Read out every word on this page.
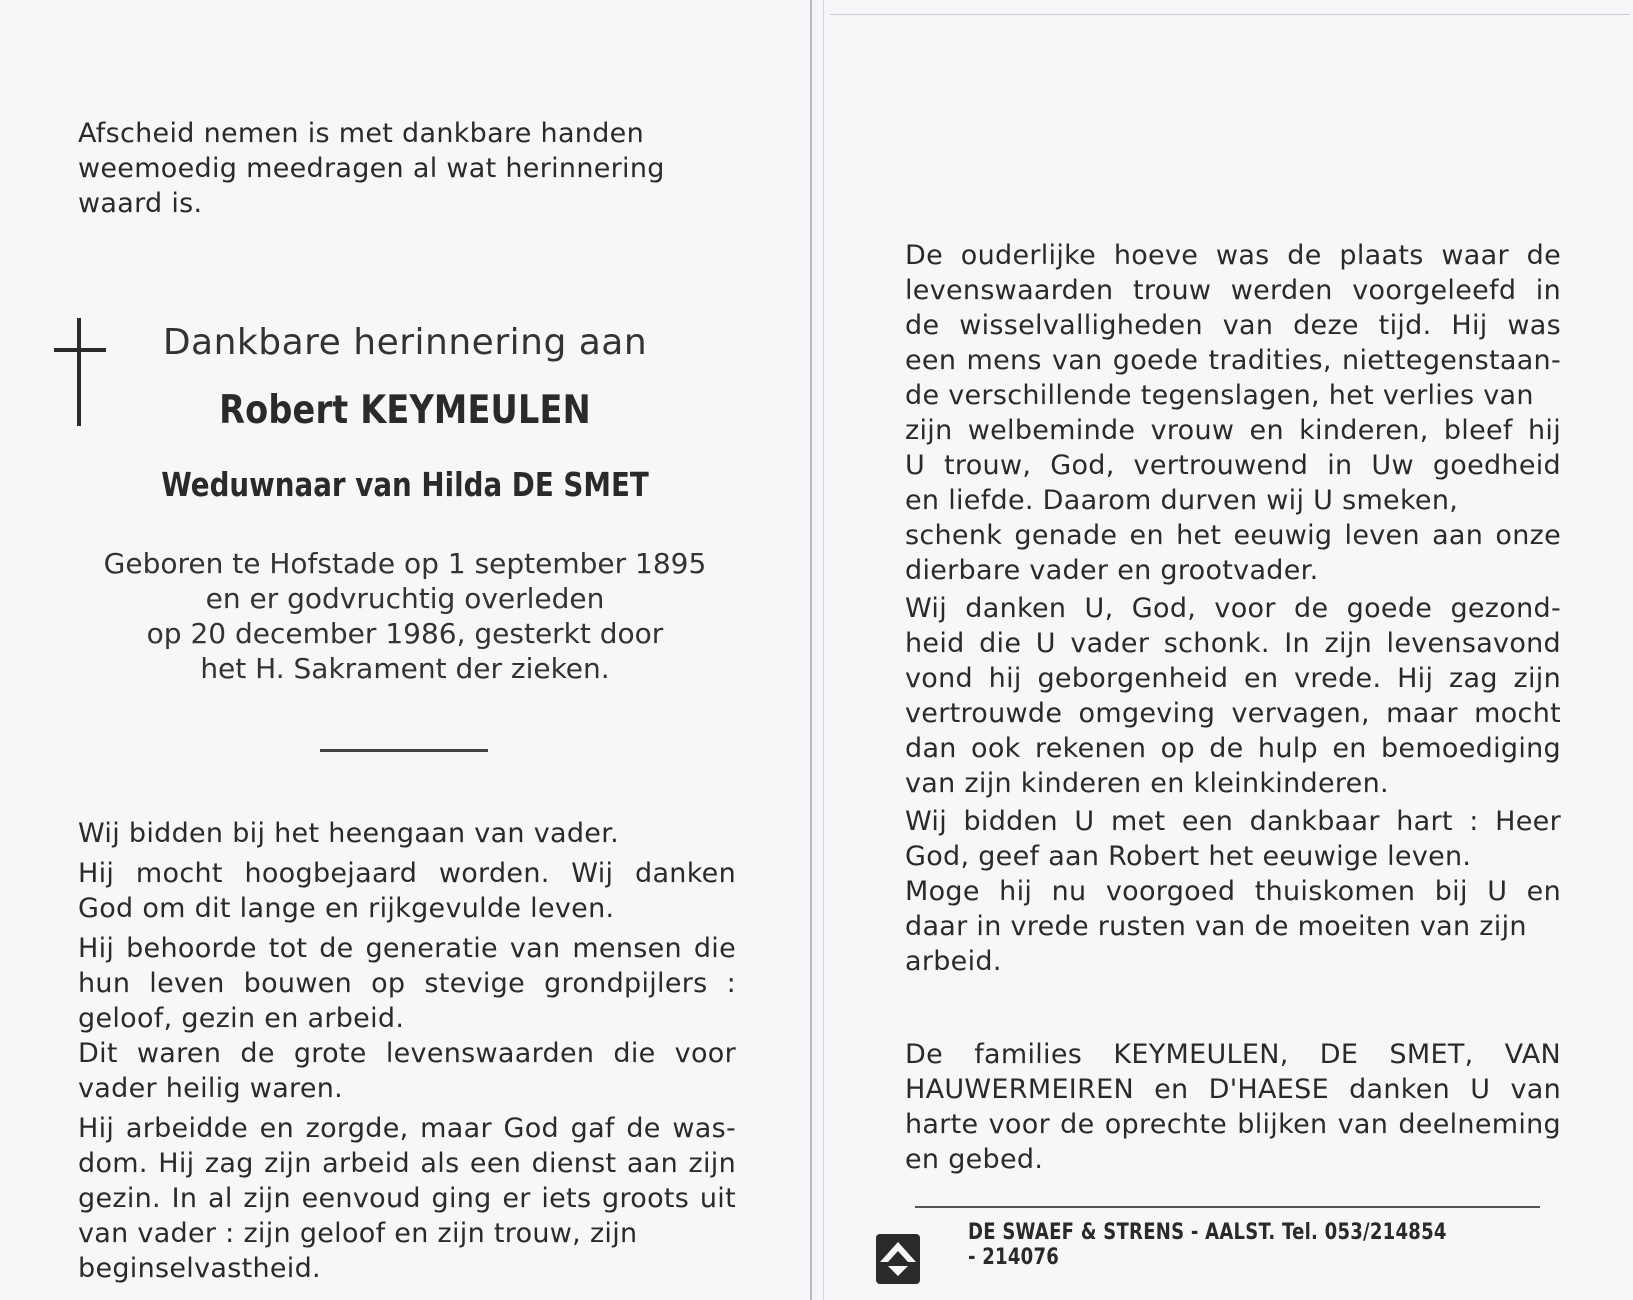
Afscheid nemen is met dankbare handen

weemoedig meedragen al wat herinnering

waard is.

Dankbare herinnering aan
Robert KEYMEULEN
Weduwnaar van Hilda DE SMET

Geboren te Hofstade op 1 september 1895

en er godvruchtig overleden

op 20 december 1986, gesterkt door

het H. Sakrament der zieken.

Wij bidden bij het heengaan van vader.

Hij mocht hoogbejaard worden. Wij danken

God om dit lange en rijkgevulde leven.

Hij behoorde tot de generatie van mensen die

hun leven bouwen op stevige grondpijlers :

geloof, gezin en arbeid.

Dit waren de grote levenswaarden die voor

vader heilig waren.

Hij arbeidde en zorgde, maar God gaf de was-

dom. Hij zag zijn arbeid als een dienst aan zijn

gezin. In al zijn eenvoud ging er iets groots uit

van vader : zijn geloof en zijn trouw, zijn

beginselvastheid.

De ouderlijke hoeve was de plaats waar de

levenswaarden trouw werden voorgeleefd in

de wisselvalligheden van deze tijd. Hij was

een mens van goede tradities, niettegenstaan-

de verschillende tegenslagen, het verlies van

zijn welbeminde vrouw en kinderen, bleef hij

U trouw, God, vertrouwend in Uw goedheid

en liefde. Daarom durven wij U smeken,

schenk genade en het eeuwig leven aan onze

dierbare vader en grootvader.

Wij danken U, God, voor de goede gezond-

heid die U vader schonk. In zijn levensavond

vond hij geborgenheid en vrede. Hij zag zijn

vertrouwde omgeving vervagen, maar mocht

dan ook rekenen op de hulp en bemoediging

van zijn kinderen en kleinkinderen.

Wij bidden U met een dankbaar hart : Heer

God, geef aan Robert het eeuwige leven.

Moge hij nu voorgoed thuiskomen bij U en

daar in vrede rusten van de moeiten van zijn

arbeid.

De families KEYMEULEN, DE SMET, VAN

HAUWERMEIREN en D'HAESE danken U van

harte voor de oprechte blijken van deelneming

en gebed.

DE SWAEF & STRENS - AALST. Tel. 053/214854 - 214076
